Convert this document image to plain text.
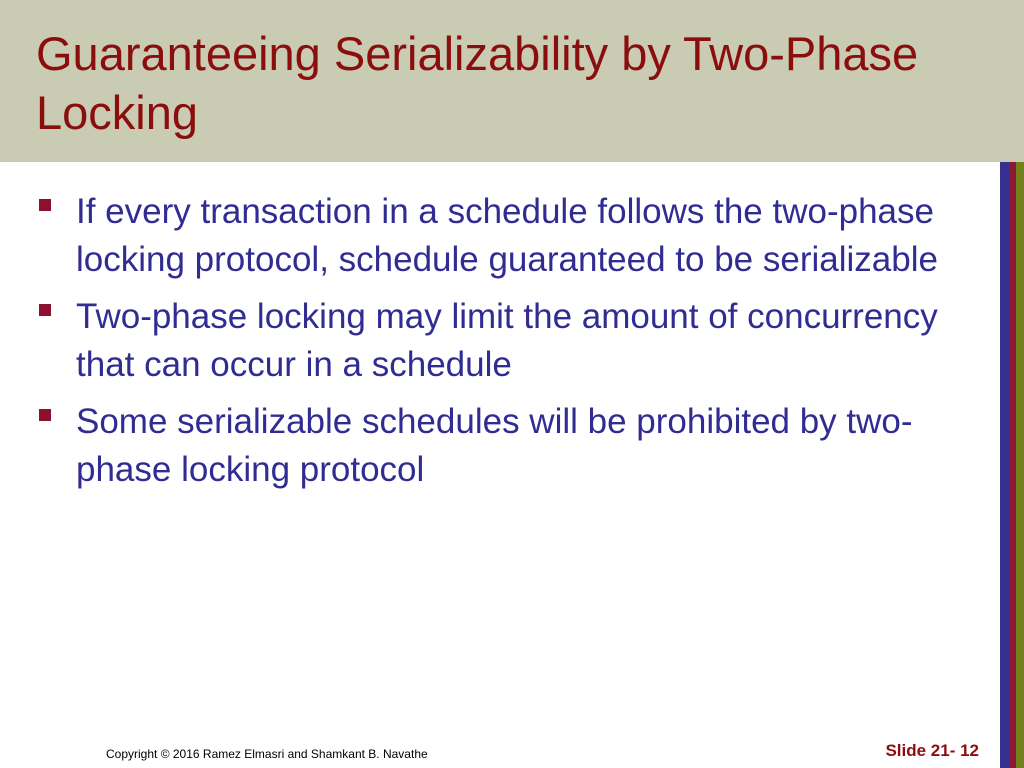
Guaranteeing Serializability by Two-Phase Locking
If every transaction in a schedule follows the two-phase locking protocol, schedule guaranteed to be serializable
Two-phase locking may limit the amount of concurrency that can occur in a schedule
Some serializable schedules will be prohibited by two-phase locking protocol
Copyright © 2016 Ramez Elmasri and Shamkant B. Navathe	Slide 21- 12
